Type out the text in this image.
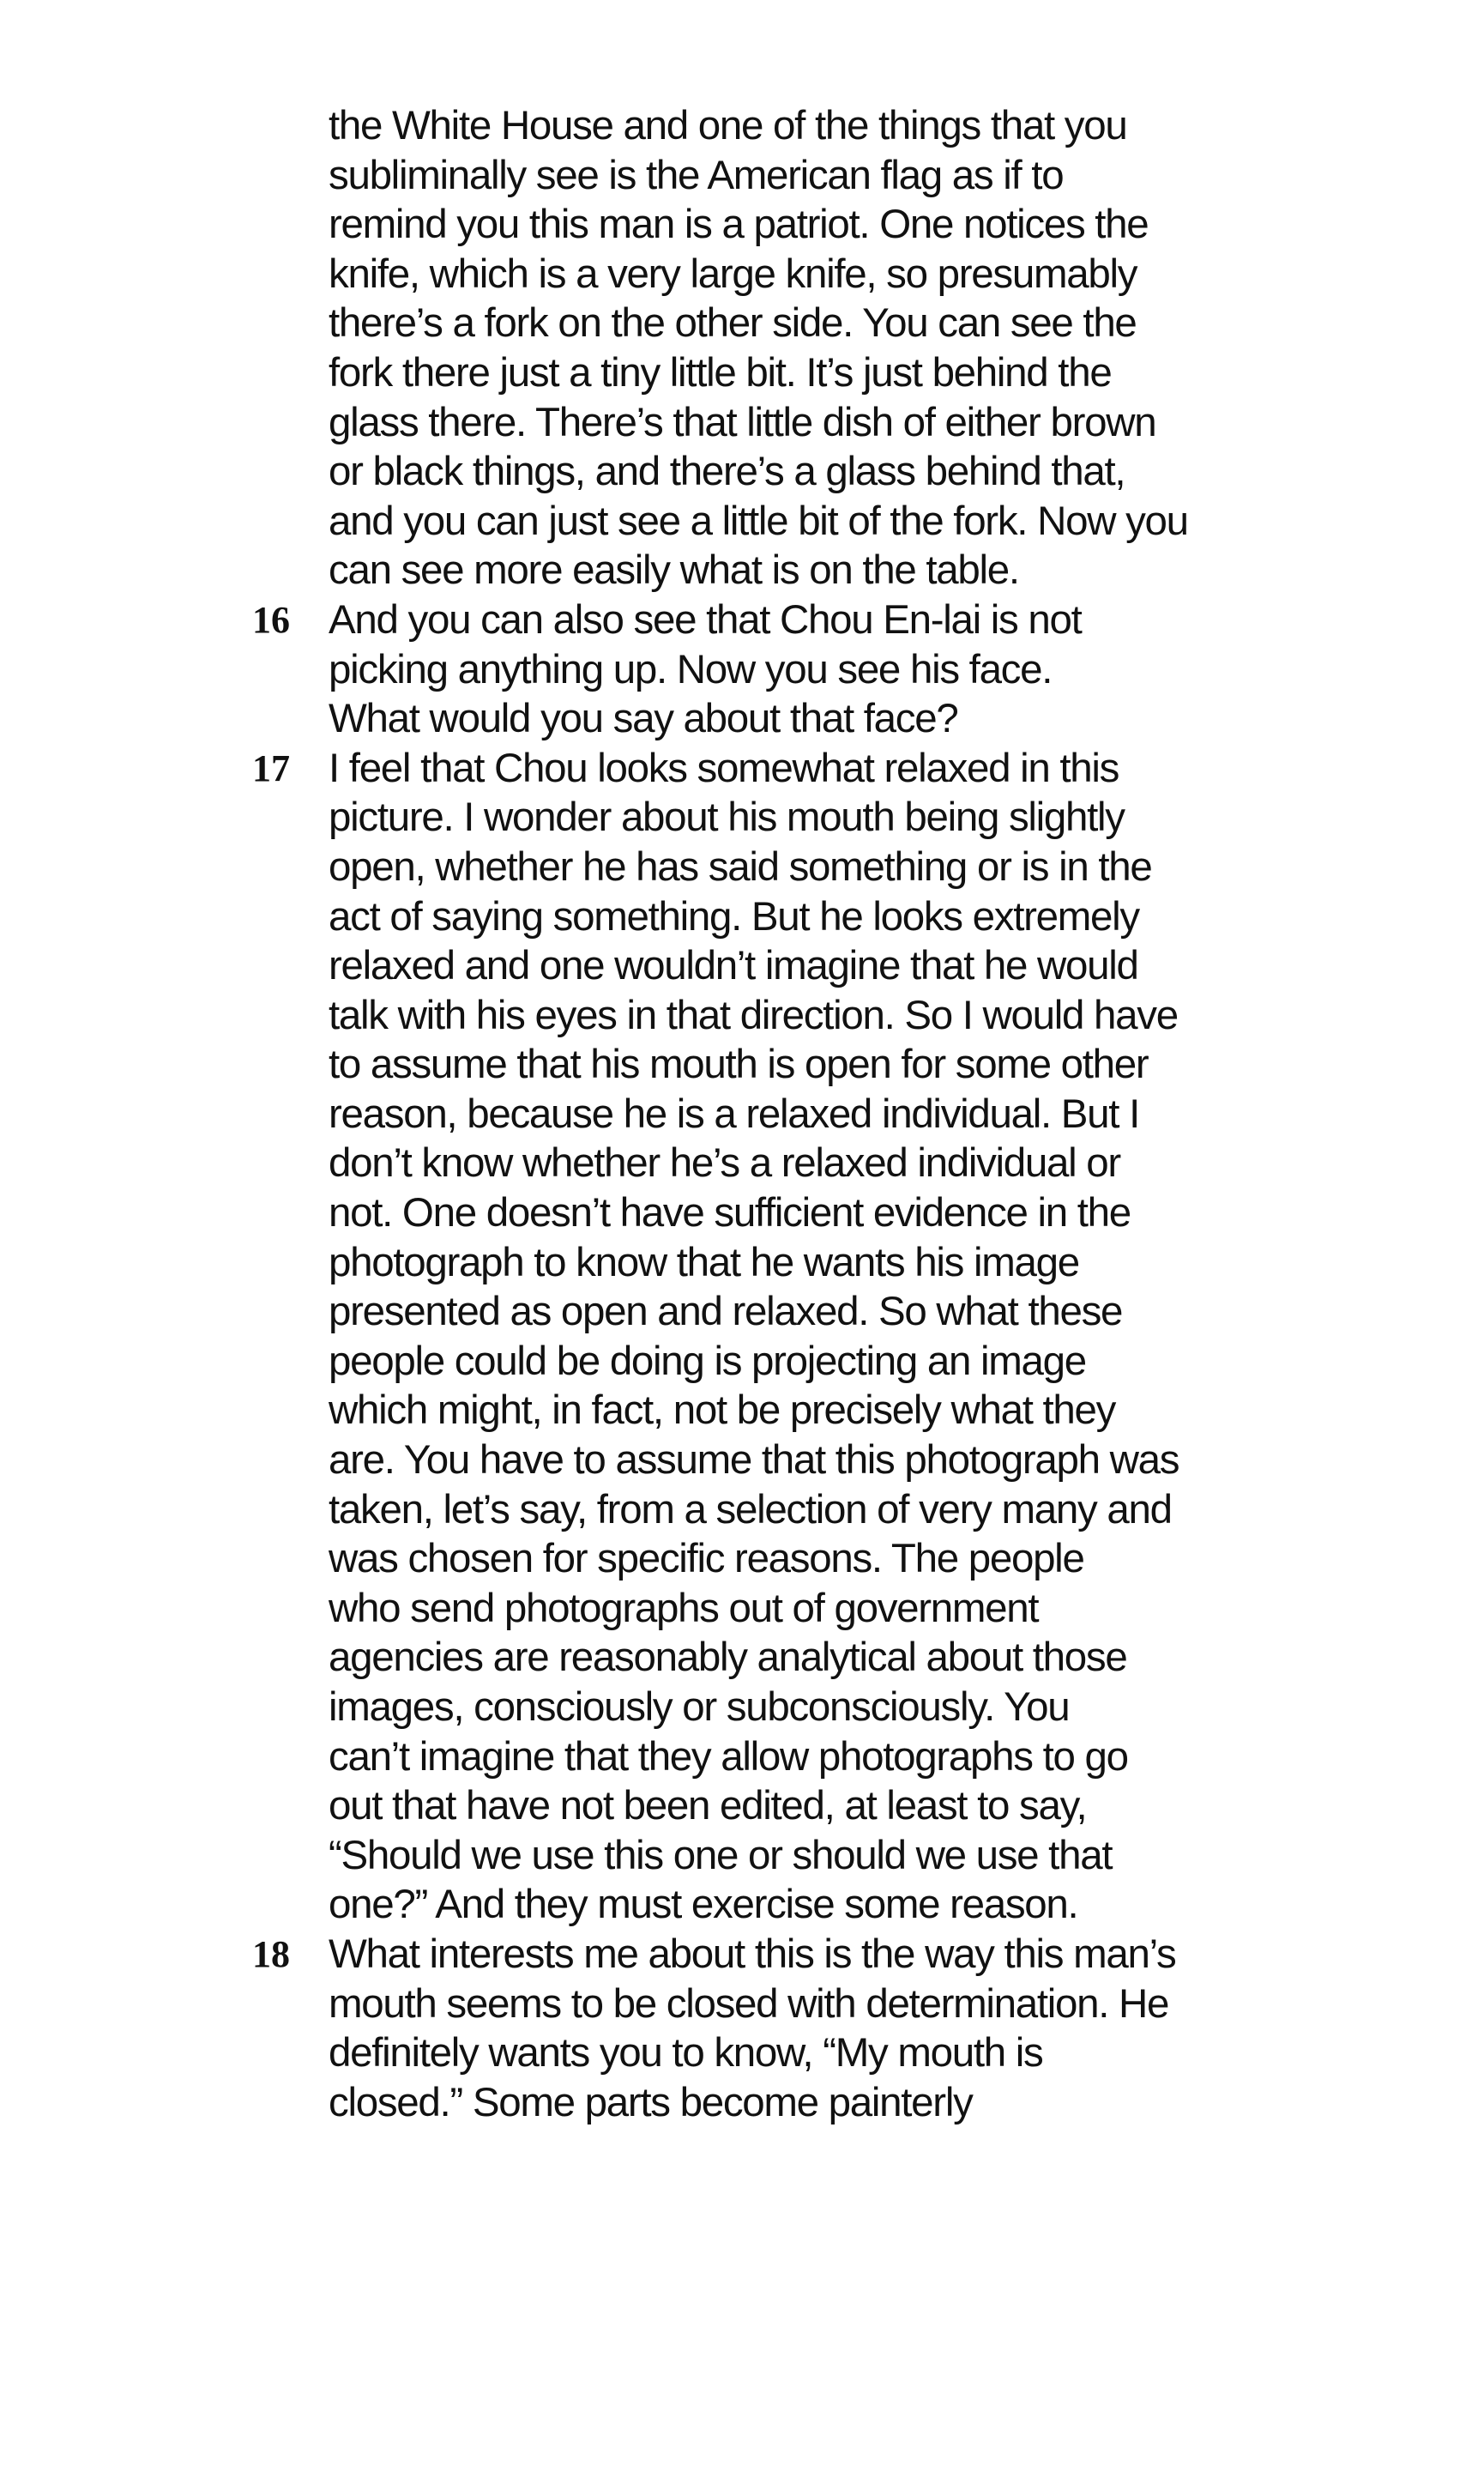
the White House and one of the things that you
subliminally see is the American flag as if to
remind you this man is a patriot. One notices the
knife, which is a very large knife, so presumably
there’s a fork on the other side. You can see the
fork there just a tiny little bit. It’s just behind the
glass there. There’s that little dish of either brown
or black things, and there’s a glass behind that,
and you can just see a little bit of the fork. Now you
can see more easily what is on the table.
And you can also see that Chou En-lai is not
picking anything up. Now you see his face.
What would you say about that face?
I feel that Chou looks somewhat relaxed in this
picture. I wonder about his mouth being slightly
open, whether he has said something or is in the
act of saying something. But he looks extremely
relaxed and one wouldn’t imagine that he would
talk with his eyes in that direction. So I would have
to assume that his mouth is open for some other
reason, because he is a relaxed individual. But I
don’t know whether he’s a relaxed individual or
not. One doesn’t have sufficient evidence in the
photograph to know that he wants his image
presented as open and relaxed. So what these
people could be doing is projecting an image
which might, in fact, not be precisely what they
are. You have to assume that this photograph was
taken, let’s say, from a selection of very many and
was chosen for specific reasons. The people
who send photographs out of government
agencies are reasonably analytical about those
images, consciously or subconsciously. You
can’t imagine that they allow photographs to go
out that have not been edited, at least to say,
“Should we use this one or should we use that
one?” And they must exercise some reason.
What interests me about this is the way this man’s
mouth seems to be closed with determination. He
definitely wants you to know, “My mouth is
closed.” Some parts become painterly
16
17
18
